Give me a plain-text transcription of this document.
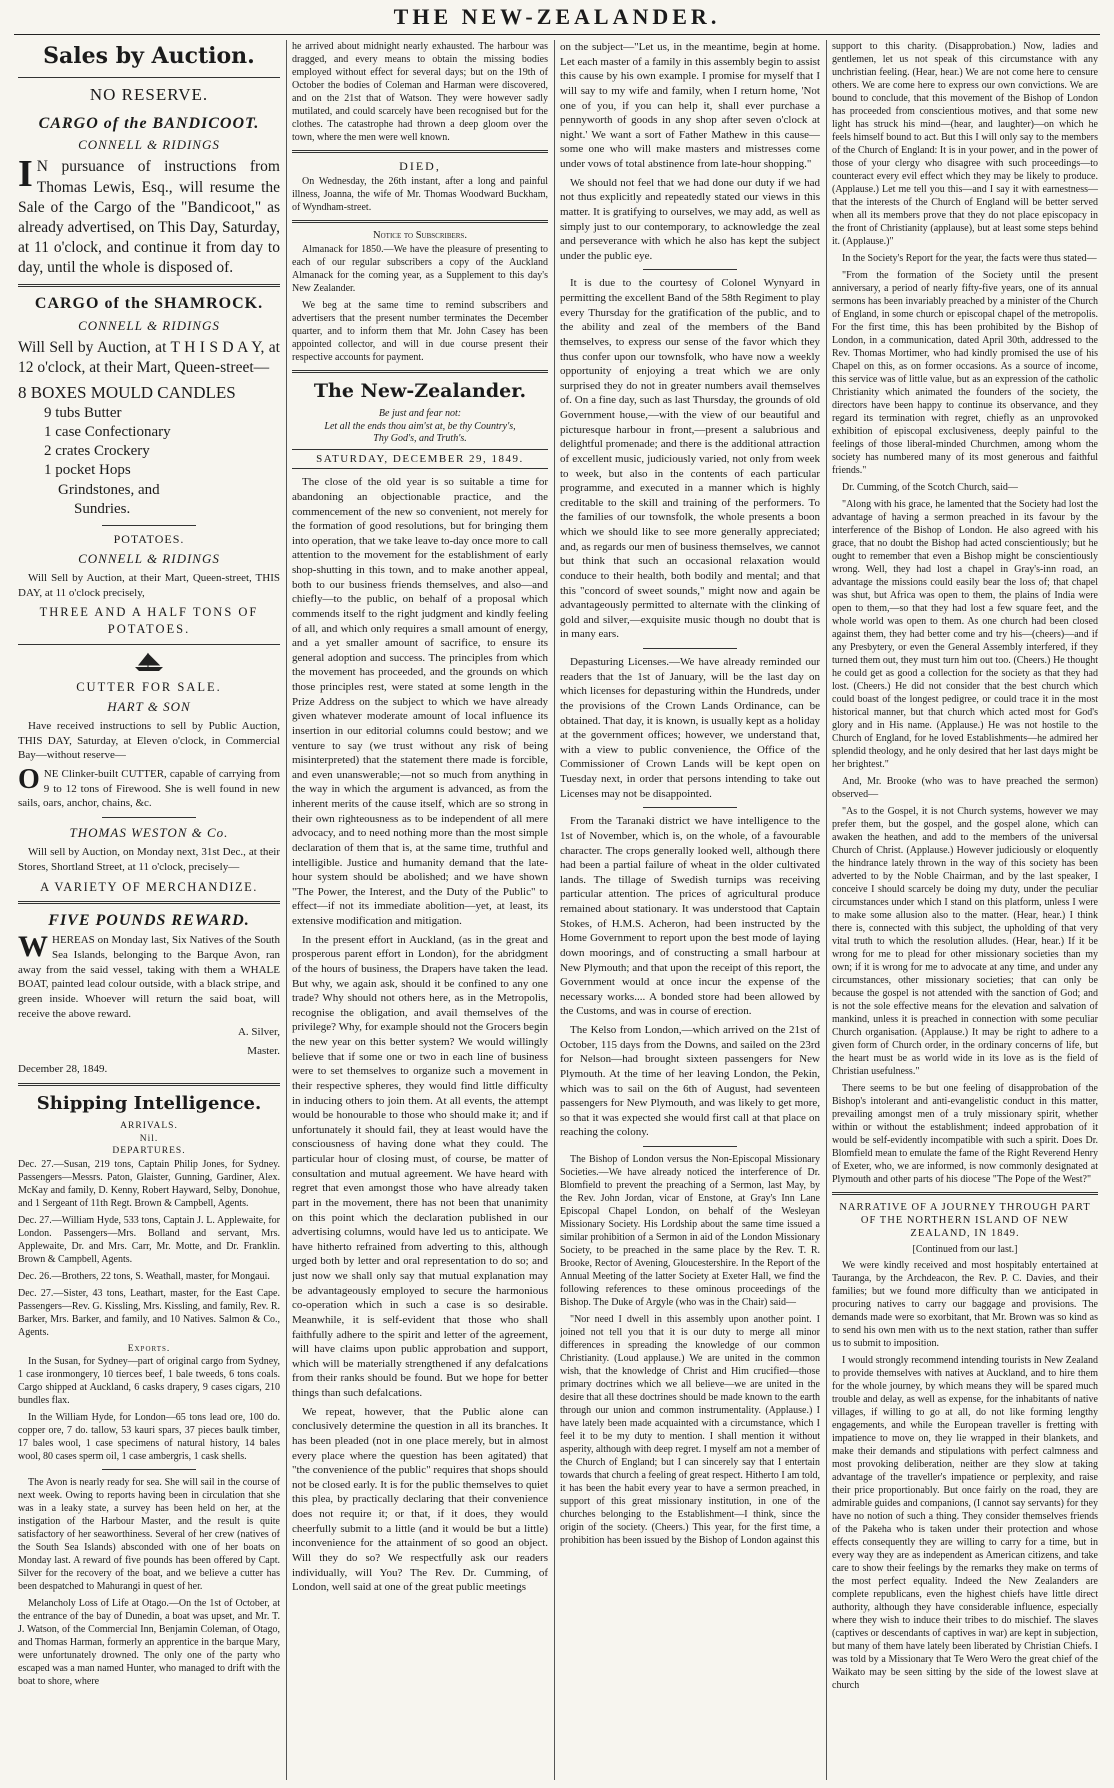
THE NEW-ZEALANDER.
Sales by Auction.
NO RESERVE.
CARGO of the BANDICOOT.
CONNELL & RIDINGS
I N pursuance of instructions from Thomas Lewis, Esq., will resume the Sale of the Cargo of the "Bandicoot," as already advertised, on This Day, Saturday, at 11 o'clock, and continue it from day to day, until the whole is disposed of.

CARGO of the SHAMROCK.
CONNELL & RIDINGS

Will Sell by Auction, at T H I S D A Y, at 12 o'clock, at their Mart, Queen-street—

8 BOXES MOULD CANDLES
9 tubs Butter
1 case Confectionary
2 crates Crockery
1 pocket Hops
Grindstones, and
Sundries.
POTATOES.
CONNELL & RIDINGS

Will Sell by Auction, at their Mart, Queen-street, THIS DAY, at 11 o'clock precisely,

THREE AND A HALF TONS OF POTATOES.

CUTTER FOR SALE.
HART & SON

Have received instructions to sell by Public Auction, THIS DAY, Saturday, at Eleven o'clock, in Commercial Bay—without reserve—

O NE Clinker-built CUTTER, capable of carrying from 9 to 12 tons of Firewood. She is well found in new sails, oars, anchor, chains, &c.

THOMAS WESTON & Co.

Will sell by Auction, on Monday next, 31st Dec., at their Stores, Shortland Street, at 11 o'clock, precisely—

A VARIETY OF MERCHANDIZE.

FIVE POUNDS REWARD.
W HEREAS on Monday last, Six Natives of the South Sea Islands, belonging to the Barque Avon, ran away from the said vessel, taking with them a WHALE BOAT, painted lead colour outside, with a black stripe, and green inside. Whoever will return the said boat, will receive the above reward.

A. Silver,

Master.

December 28, 1849.

Shipping Intelligence.
ARRIVALS.
Nil.
DEPARTURES.

Dec. 27.—Susan, 219 tons, Captain Philip Jones, for Sydney. Passengers—Messrs. Paton, Glaister, Gunning, Gardiner, Alex. McKay and family, D. Kenny, Robert Hayward, Selby, Donohue, and 1 Sergeant of 11th Regt. Brown & Campbell, Agents.

Dec. 27.—William Hyde, 533 tons, Captain J. L. Applewaite, for London. Passengers—Mrs. Bolland and servant, Mrs. Applewaite, Dr. and Mrs. Carr, Mr. Motte, and Dr. Franklin. Brown & Campbell, Agents.

Dec. 26.—Brothers, 22 tons, S. Weathall, master, for Mongaui.

Dec. 27.—Sister, 43 tons, Leathart, master, for the East Cape. Passengers—Rev. G. Kissling, Mrs. Kissling, and family, Rev. R. Barker, Mrs. Barker, and family, and 10 Natives. Salmon & Co., Agents.

Exports.

In the Susan, for Sydney—part of original cargo from Sydney, 1 case ironmongery, 10 tierces beef, 1 bale tweeds, 6 tons coals. Cargo shipped at Auckland, 6 casks drapery, 9 cases cigars, 210 bundles flax.

In the William Hyde, for London—65 tons lead ore, 100 do. copper ore, 7 do. tallow, 53 kauri spars, 37 pieces baulk timber, 17 bales wool, 1 case specimens of natural history, 14 bales wool, 80 cases sperm oil, 1 case ambergris, 1 cask shells.

The Avon is nearly ready for sea. She will sail in the course of next week. Owing to reports having been in circulation that she was in a leaky state, a survey has been held on her, at the instigation of the Harbour Master, and the result is quite satisfactory of her seaworthiness. Several of her crew (natives of the South Sea Islands) absconded with one of her boats on Monday last. A reward of five pounds has been offered by Capt. Silver for the recovery of the boat, and we believe a cutter has been despatched to Mahurangi in quest of her.

Melancholy Loss of Life at Otago.—On the 1st of October, at the entrance of the bay of Dunedin, a boat was upset, and Mr. T. J. Watson, of the Commercial Inn, Benjamin Coleman, of Otago, and Thomas Harman, formerly an apprentice in the barque Mary, were unfortunately drowned. The only one of the party who escaped was a man named Hunter, who managed to drift with the boat to shore, where

he arrived about midnight nearly exhausted. The harbour was dragged, and every means to obtain the missing bodies employed without effect for several days; but on the 19th of October the bodies of Coleman and Harman were discovered, and on the 21st that of Watson. They were however sadly mutilated, and could scarcely have been recognised but for the clothes. The catastrophe had thrown a deep gloom over the town, where the men were well known.

DIED,

On Wednesday, the 26th instant, after a long and painful illness, Joanna, the wife of Mr. Thomas Woodward Buckham, of Wyndham-street.

Notice to Subscribers.

Almanack for 1850.—We have the pleasure of presenting to each of our regular subscribers a copy of the Auckland Almanack for the coming year, as a Supplement to this day's New Zealander.

We beg at the same time to remind subscribers and advertisers that the present number terminates the December quarter, and to inform them that Mr. John Casey has been appointed collector, and will in due course present their respective accounts for payment.

The New-Zealander.
Be just and fear not:
Let all the ends thou aim'st at, be thy Country's,
Thy God's, and Truth's.
SATURDAY, DECEMBER 29, 1849.

The close of the old year is so suitable a time for abandoning an objectionable practice, and the commencement of the new so convenient, not merely for the formation of good resolutions, but for bringing them into operation, that we take leave to-day once more to call attention to the movement for the establishment of early shop-shutting in this town, and to make another appeal, both to our business friends themselves, and also—and chiefly—to the public, on behalf of a proposal which commends itself to the right judgment and kindly feeling of all, and which only requires a small amount of energy, and a yet smaller amount of sacrifice, to ensure its general adoption and success. The principles from which the movement has proceeded, and the grounds on which those principles rest, were stated at some length in the Prize Address on the subject to which we have already given whatever moderate amount of local influence its insertion in our editorial columns could bestow; and we venture to say (we trust without any risk of being misinterpreted) that the statement there made is forcible, and even unanswerable;—not so much from anything in the way in which the argument is advanced, as from the inherent merits of the cause itself, which are so strong in their own righteousness as to be independent of all mere advocacy, and to need nothing more than the most simple declaration of them that is, at the same time, truthful and intelligible. Justice and humanity demand that the late-hour system should be abolished; and we have shown "The Power, the Interest, and the Duty of the Public" to effect—if not its immediate abolition—yet, at least, its extensive modification and mitigation.

In the present effort in Auckland, (as in the great and prosperous parent effort in London), for the abridgment of the hours of business, the Drapers have taken the lead. But why, we again ask, should it be confined to any one trade? Why should not others here, as in the Metropolis, recognise the obligation, and avail themselves of the privilege? Why, for example should not the Grocers begin the new year on this better system? We would willingly believe that if some one or two in each line of business were to set themselves to organize such a movement in their respective spheres, they would find little difficulty in inducing others to join them. At all events, the attempt would be honourable to those who should make it; and if unfortunately it should fail, they at least would have the consciousness of having done what they could. The particular hour of closing must, of course, be matter of consultation and mutual agreement. We have heard with regret that even amongst those who have already taken part in the movement, there has not been that unanimity on this point which the declaration published in our advertising columns, would have led us to anticipate. We have hitherto refrained from adverting to this, although urged both by letter and oral representation to do so; and just now we shall only say that mutual explanation may be advantageously employed to secure the harmonious co-operation which in such a case is so desirable. Meanwhile, it is self-evident that those who shall faithfully adhere to the spirit and letter of the agreement, will have claims upon public approbation and support, which will be materially strengthened if any defalcations from their ranks should be found. But we hope for better things than such defalcations.

We repeat, however, that the Public alone can conclusively determine the question in all its branches. It has been pleaded (not in one place merely, but in almost every place where the question has been agitated) that "the convenience of the public" requires that shops should not be closed early. It is for the public themselves to quiet this plea, by practically declaring that their convenience does not require it; or that, if it does, they would cheerfully submit to a little (and it would be but a little) inconvenience for the attainment of so good an object. Will they do so? We respectfully ask our readers individually, will You? The Rev. Dr. Cumming, of London, well said at one of the great public meetings

on the subject—"Let us, in the meantime, begin at home. Let each master of a family in this assembly begin to assist this cause by his own example. I promise for myself that I will say to my wife and family, when I return home, 'Not one of you, if you can help it, shall ever purchase a pennyworth of goods in any shop after seven o'clock at night.' We want a sort of Father Mathew in this cause—some one who will make masters and mistresses come under vows of total abstinence from late-hour shopping."

We should not feel that we had done our duty if we had not thus explicitly and repeatedly stated our views in this matter. It is gratifying to ourselves, we may add, as well as simply just to our contemporary, to acknowledge the zeal and perseverance with which he also has kept the subject under the public eye.

It is due to the courtesy of Colonel Wynyard in permitting the excellent Band of the 58th Regiment to play every Thursday for the gratification of the public, and to the ability and zeal of the members of the Band themselves, to express our sense of the favor which they thus confer upon our townsfolk, who have now a weekly opportunity of enjoying a treat which we are only surprised they do not in greater numbers avail themselves of. On a fine day, such as last Thursday, the grounds of old Government house,—with the view of our beautiful and picturesque harbour in front,—present a salubrious and delightful promenade; and there is the additional attraction of excellent music, judiciously varied, not only from week to week, but also in the contents of each particular programme, and executed in a manner which is highly creditable to the skill and training of the performers. To the families of our townsfolk, the whole presents a boon which we should like to see more generally appreciated; and, as regards our men of business themselves, we cannot but think that such an occasional relaxation would conduce to their health, both bodily and mental; and that this "concord of sweet sounds," might now and again be advantageously permitted to alternate with the clinking of gold and silver,—exquisite music though no doubt that is in many ears.

Depasturing Licenses.—We have already reminded our readers that the 1st of January, will be the last day on which licenses for depasturing within the Hundreds, under the provisions of the Crown Lands Ordinance, can be obtained. That day, it is known, is usually kept as a holiday at the government offices; however, we understand that, with a view to public convenience, the Office of the Commissioner of Crown Lands will be kept open on Tuesday next, in order that persons intending to take out Licenses may not be disappointed.

From the Taranaki district we have intelligence to the 1st of November, which is, on the whole, of a favourable character. The crops generally looked well, although there had been a partial failure of wheat in the older cultivated lands. The tillage of Swedish turnips was receiving particular attention. The prices of agricultural produce remained about stationary. It was understood that Captain Stokes, of H.M.S. Acheron, had been instructed by the Home Government to report upon the best mode of laying down moorings, and of constructing a small harbour at New Plymouth; and that upon the receipt of this report, the Government would at once incur the expense of the necessary works.... A bonded store had been allowed by the Customs, and was in course of erection.

The Kelso from London,—which arrived on the 21st of October, 115 days from the Downs, and sailed on the 23rd for Nelson—had brought sixteen passengers for New Plymouth. At the time of her leaving London, the Pekin, which was to sail on the 6th of August, had seventeen passengers for New Plymouth, and was likely to get more, so that it was expected she would first call at that place on reaching the colony.

The Bishop of London versus the Non-Episcopal Missionary Societies.—We have already noticed the interference of Dr. Blomfield to prevent the preaching of a Sermon, last May, by the Rev. John Jordan, vicar of Enstone, at Gray's Inn Lane Episcopal Chapel London, on behalf of the Wesleyan Missionary Society. His Lordship about the same time issued a similar prohibition of a Sermon in aid of the London Missionary Society, to be preached in the same place by the Rev. T. R. Brooke, Rector of Avening, Gloucestershire. In the Report of the Annual Meeting of the latter Society at Exeter Hall, we find the following references to these ominous proceedings of the Bishop. The Duke of Argyle (who was in the Chair) said—

"Nor need I dwell in this assembly upon another point. I joined not tell you that it is our duty to merge all minor differences in spreading the knowledge of our common Christianity. (Loud applause.) We are united in the common wish, that the knowledge of Christ and Him crucified—those primary doctrines which we all believe—we are united in the desire that all these doctrines should be made known to the earth through our union and common instrumentality. (Applause.) I have lately been made acquainted with a circumstance, which I feel it to be my duty to mention. I shall mention it without asperity, although with deep regret. I myself am not a member of the Church of England; but I can sincerely say that I entertain towards that church a feeling of great respect. Hitherto I am told, it has been the habit every year to have a sermon preached, in support of this great missionary institution, in one of the churches belonging to the Establishment—I think, since the origin of the society. (Cheers.) This year, for the first time, a prohibition has been issued by the Bishop of London against this

support to this charity. (Disapprobation.) Now, ladies and gentlemen, let us not speak of this circumstance with any unchristian feeling. (Hear, hear.) We are not come here to censure others. We are come here to express our own convictions. We are bound to conclude, that this movement of the Bishop of London has proceeded from conscientious motives, and that some new light has struck his mind—(hear, and laughter)—on which he feels himself bound to act. But this I will only say to the members of the Church of England: It is in your power, and in the power of those of your clergy who disagree with such proceedings—to counteract every evil effect which they may be likely to produce. (Applause.) Let me tell you this—and I say it with earnestness—that the interests of the Church of England will be better served when all its members prove that they do not place episcopacy in the front of Christianity (applause), but at least some steps behind it. (Applause.)"

In the Society's Report for the year, the facts were thus stated—

"From the formation of the Society until the present anniversary, a period of nearly fifty-five years, one of its annual sermons has been invariably preached by a minister of the Church of England, in some church or episcopal chapel of the metropolis. For the first time, this has been prohibited by the Bishop of London, in a communication, dated April 30th, addressed to the Rev. Thomas Mortimer, who had kindly promised the use of his Chapel on this, as on former occasions. As a source of income, this service was of little value, but as an expression of the catholic Christianity which animated the founders of the society, the directors have been happy to continue its observance, and they regard its termination with regret, chiefly as an unprovoked exhibition of episcopal exclusiveness, deeply painful to the feelings of those liberal-minded Churchmen, among whom the society has numbered many of its most generous and faithful friends."

Dr. Cumming, of the Scotch Church, said—

"Along with his grace, he lamented that the Society had lost the advantage of having a sermon preached in its favour by the interference of the Bishop of London. He also agreed with his grace, that no doubt the Bishop had acted conscientiously; but he ought to remember that even a Bishop might be conscientiously wrong. Well, they had lost a chapel in Gray's-inn road, an advantage the missions could easily bear the loss of; that chapel was shut, but Africa was open to them, the plains of India were open to them,—so that they had lost a few square feet, and the whole world was open to them. As one church had been closed against them, they had better come and try his—(cheers)—and if any Presbytery, or even the General Assembly interfered, if they turned them out, they must turn him out too. (Cheers.) He thought he could get as good a collection for the society as that they had lost. (Cheers.) He did not consider that the best church which could boast of the longest pedigree, or could trace it in the most historical manner, but that church which acted most for God's glory and in His name. (Applause.) He was not hostile to the Church of England, for he loved Establishments—he admired her splendid theology, and he only desired that her last days might be her brightest."

And, Mr. Brooke (who was to have preached the sermon) observed—

"As to the Gospel, it is not Church systems, however we may prefer them, but the gospel, and the gospel alone, which can awaken the heathen, and add to the members of the universal Church of Christ. (Applause.) However judiciously or eloquently the hindrance lately thrown in the way of this society has been adverted to by the Noble Chairman, and by the last speaker, I conceive I should scarcely be doing my duty, under the peculiar circumstances under which I stand on this platform, unless I were to make some allusion also to the matter. (Hear, hear.) I think there is, connected with this subject, the upholding of that very vital truth to which the resolution alludes. (Hear, hear.) If it be wrong for me to plead for other missionary societies than my own; if it is wrong for me to advocate at any time, and under any circumstances, other missionary societies; that can only be because the gospel is not attended with the sanction of God; and is not the sole effective means for the elevation and salvation of mankind, unless it is preached in connection with some peculiar Church organisation. (Applause.) It may be right to adhere to a given form of Church order, in the ordinary concerns of life, but the heart must be as world wide in its love as is the field of Christian usefulness."

There seems to be but one feeling of disapprobation of the Bishop's intolerant and anti-evangelistic conduct in this matter, prevailing amongst men of a truly missionary spirit, whether within or without the establishment; indeed approbation of it would be self-evidently incompatible with such a spirit. Does Dr. Blomfield mean to emulate the fame of the Right Reverend Henry of Exeter, who, we are informed, is now commonly designated at Plymouth and other parts of his diocese "The Pope of the West?"

NARRATIVE OF A JOURNEY THROUGH PART OF THE NORTHERN ISLAND OF NEW ZEALAND, IN 1849.
[Continued from our last.]

We were kindly received and most hospitably entertained at Tauranga, by the Archdeacon, the Rev. P. C. Davies, and their families; but we found more difficulty than we anticipated in procuring natives to carry our baggage and provisions. The demands made were so exorbitant, that Mr. Brown was so kind as to send his own men with us to the next station, rather than suffer us to submit to imposition.

I would strongly recommend intending tourists in New Zealand to provide themselves with natives at Auckland, and to hire them for the whole journey, by which means they will be spared much trouble and delay, as well as expense, for the inhabitants of native villages, if willing to go at all, do not like forming lengthy engagements, and while the European traveller is fretting with impatience to move on, they lie wrapped in their blankets, and make their demands and stipulations with perfect calmness and most provoking deliberation, neither are they slow at taking advantage of the traveller's impatience or perplexity, and raise their price proportionably. But once fairly on the road, they are admirable guides and companions, (I cannot say servants) for they have no notion of such a thing. They consider themselves friends of the Pakeha who is taken under their protection and whose effects consequently they are willing to carry for a time, but in every way they are as independent as American citizens, and take care to show their feelings by the remarks they make on terms of the most perfect equality. Indeed the New Zealanders are complete republicans, even the highest chiefs have little direct authority, although they have considerable influence, especially where they wish to induce their tribes to do mischief. The slaves (captives or descendants of captives in war) are kept in subjection, but many of them have lately been liberated by Christian Chiefs. I was told by a Missionary that Te Wero Wero the great chief of the Waikato may be seen sitting by the side of the lowest slave at church
